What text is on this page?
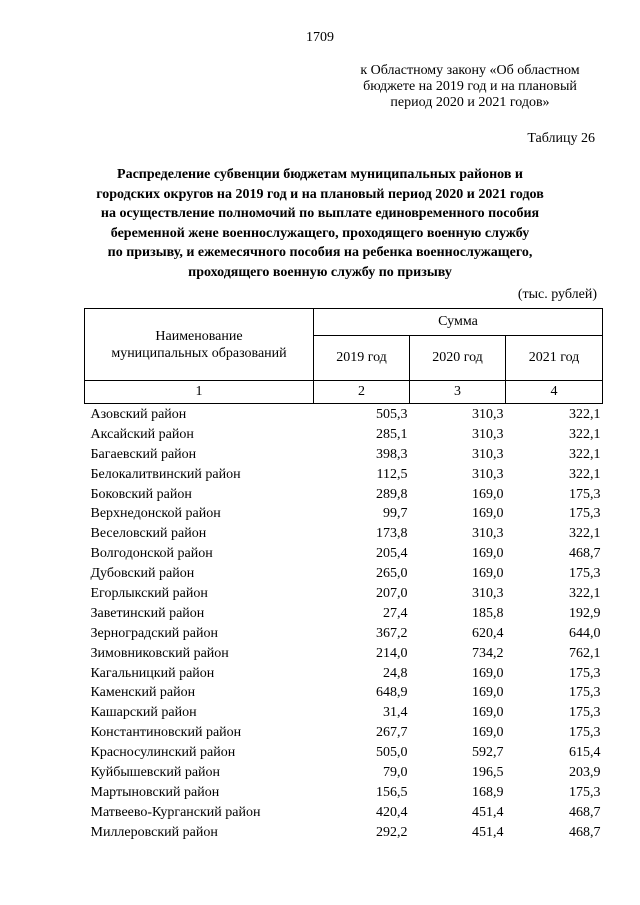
1709
к Областному закону «Об областном
бюджете на 2019 год и на плановый
период 2020 и 2021 годов»
Таблицу 26
Распределение субвенции бюджетам муниципальных районов и
городских округов на 2019 год и на плановый период 2020 и 2021 годов
на осуществление полномочий по выплате единовременного пособия
беременной жене военнослужащего, проходящего военную службу
по призыву, и ежемесячного пособия на ребенка военнослужащего,
проходящего военную службу по призыву
(тыс. рублей)
Наименование
муниципальных образований	Сумма		
	2019 год	2020 год	2021 год
1	2	3	4
Азовский район	505,3	310,3	322,1
Аксайский район	285,1	310,3	322,1
Багаевский район	398,3	310,3	322,1
Белокалитвинский район	112,5	310,3	322,1
Боковский район	289,8	169,0	175,3
Верхнедонской район	99,7	169,0	175,3
Веселовский район	173,8	310,3	322,1
Волгодонской район	205,4	169,0	468,7
Дубовский район	265,0	169,0	175,3
Егорлыкский район	207,0	310,3	322,1
Заветинский район	27,4	185,8	192,9
Зерноградский район	367,2	620,4	644,0
Зимовниковский район	214,0	734,2	762,1
Кагальницкий район	24,8	169,0	175,3
Каменский район	648,9	169,0	175,3
Кашарский район	31,4	169,0	175,3
Константиновский район	267,7	169,0	175,3
Красносулинский район	505,0	592,7	615,4
Куйбышевский район	79,0	196,5	203,9
Мартыновский район	156,5	168,9	175,3
Матвеево-Курганский район	420,4	451,4	468,7
Миллеровский район	292,2	451,4	468,7
